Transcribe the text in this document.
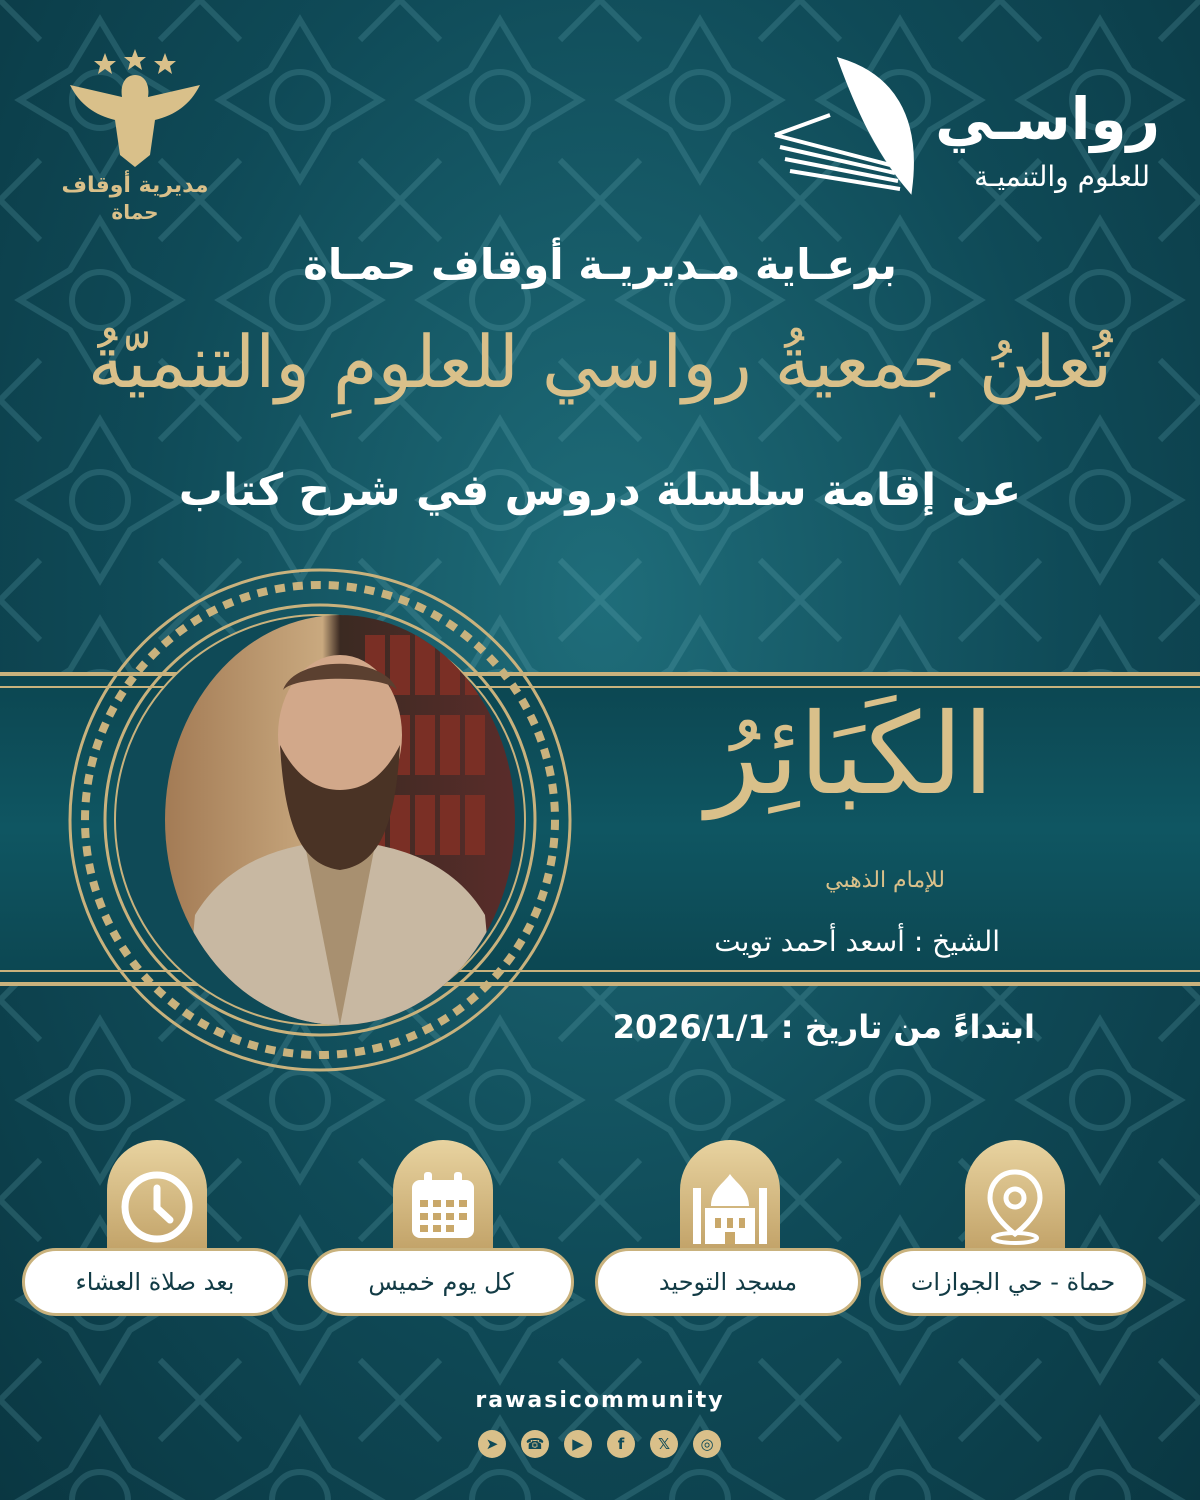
رواسـي
للعلوم والتنميـة
مديرية أوقاف
حماة
برعـاية مـديريـة أوقاف حمـاة
تُعلِنُ جمعيةُ رواسي للعلومِ والتنميّةُ
عن إقامة سلسلة دروس في شرح كتاب
الكَبَائِرُ
للإمام الذهبي
الشيخ : أسعد أحمد تويت
ابتداءً من تاريخ : 2026/1/1
حماة - حي الجوازات
مسجد التوحيد
كل يوم خميس
بعد صلاة العشاء
rawasicommunity
➤	☎	▶	f	𝕏	◎
